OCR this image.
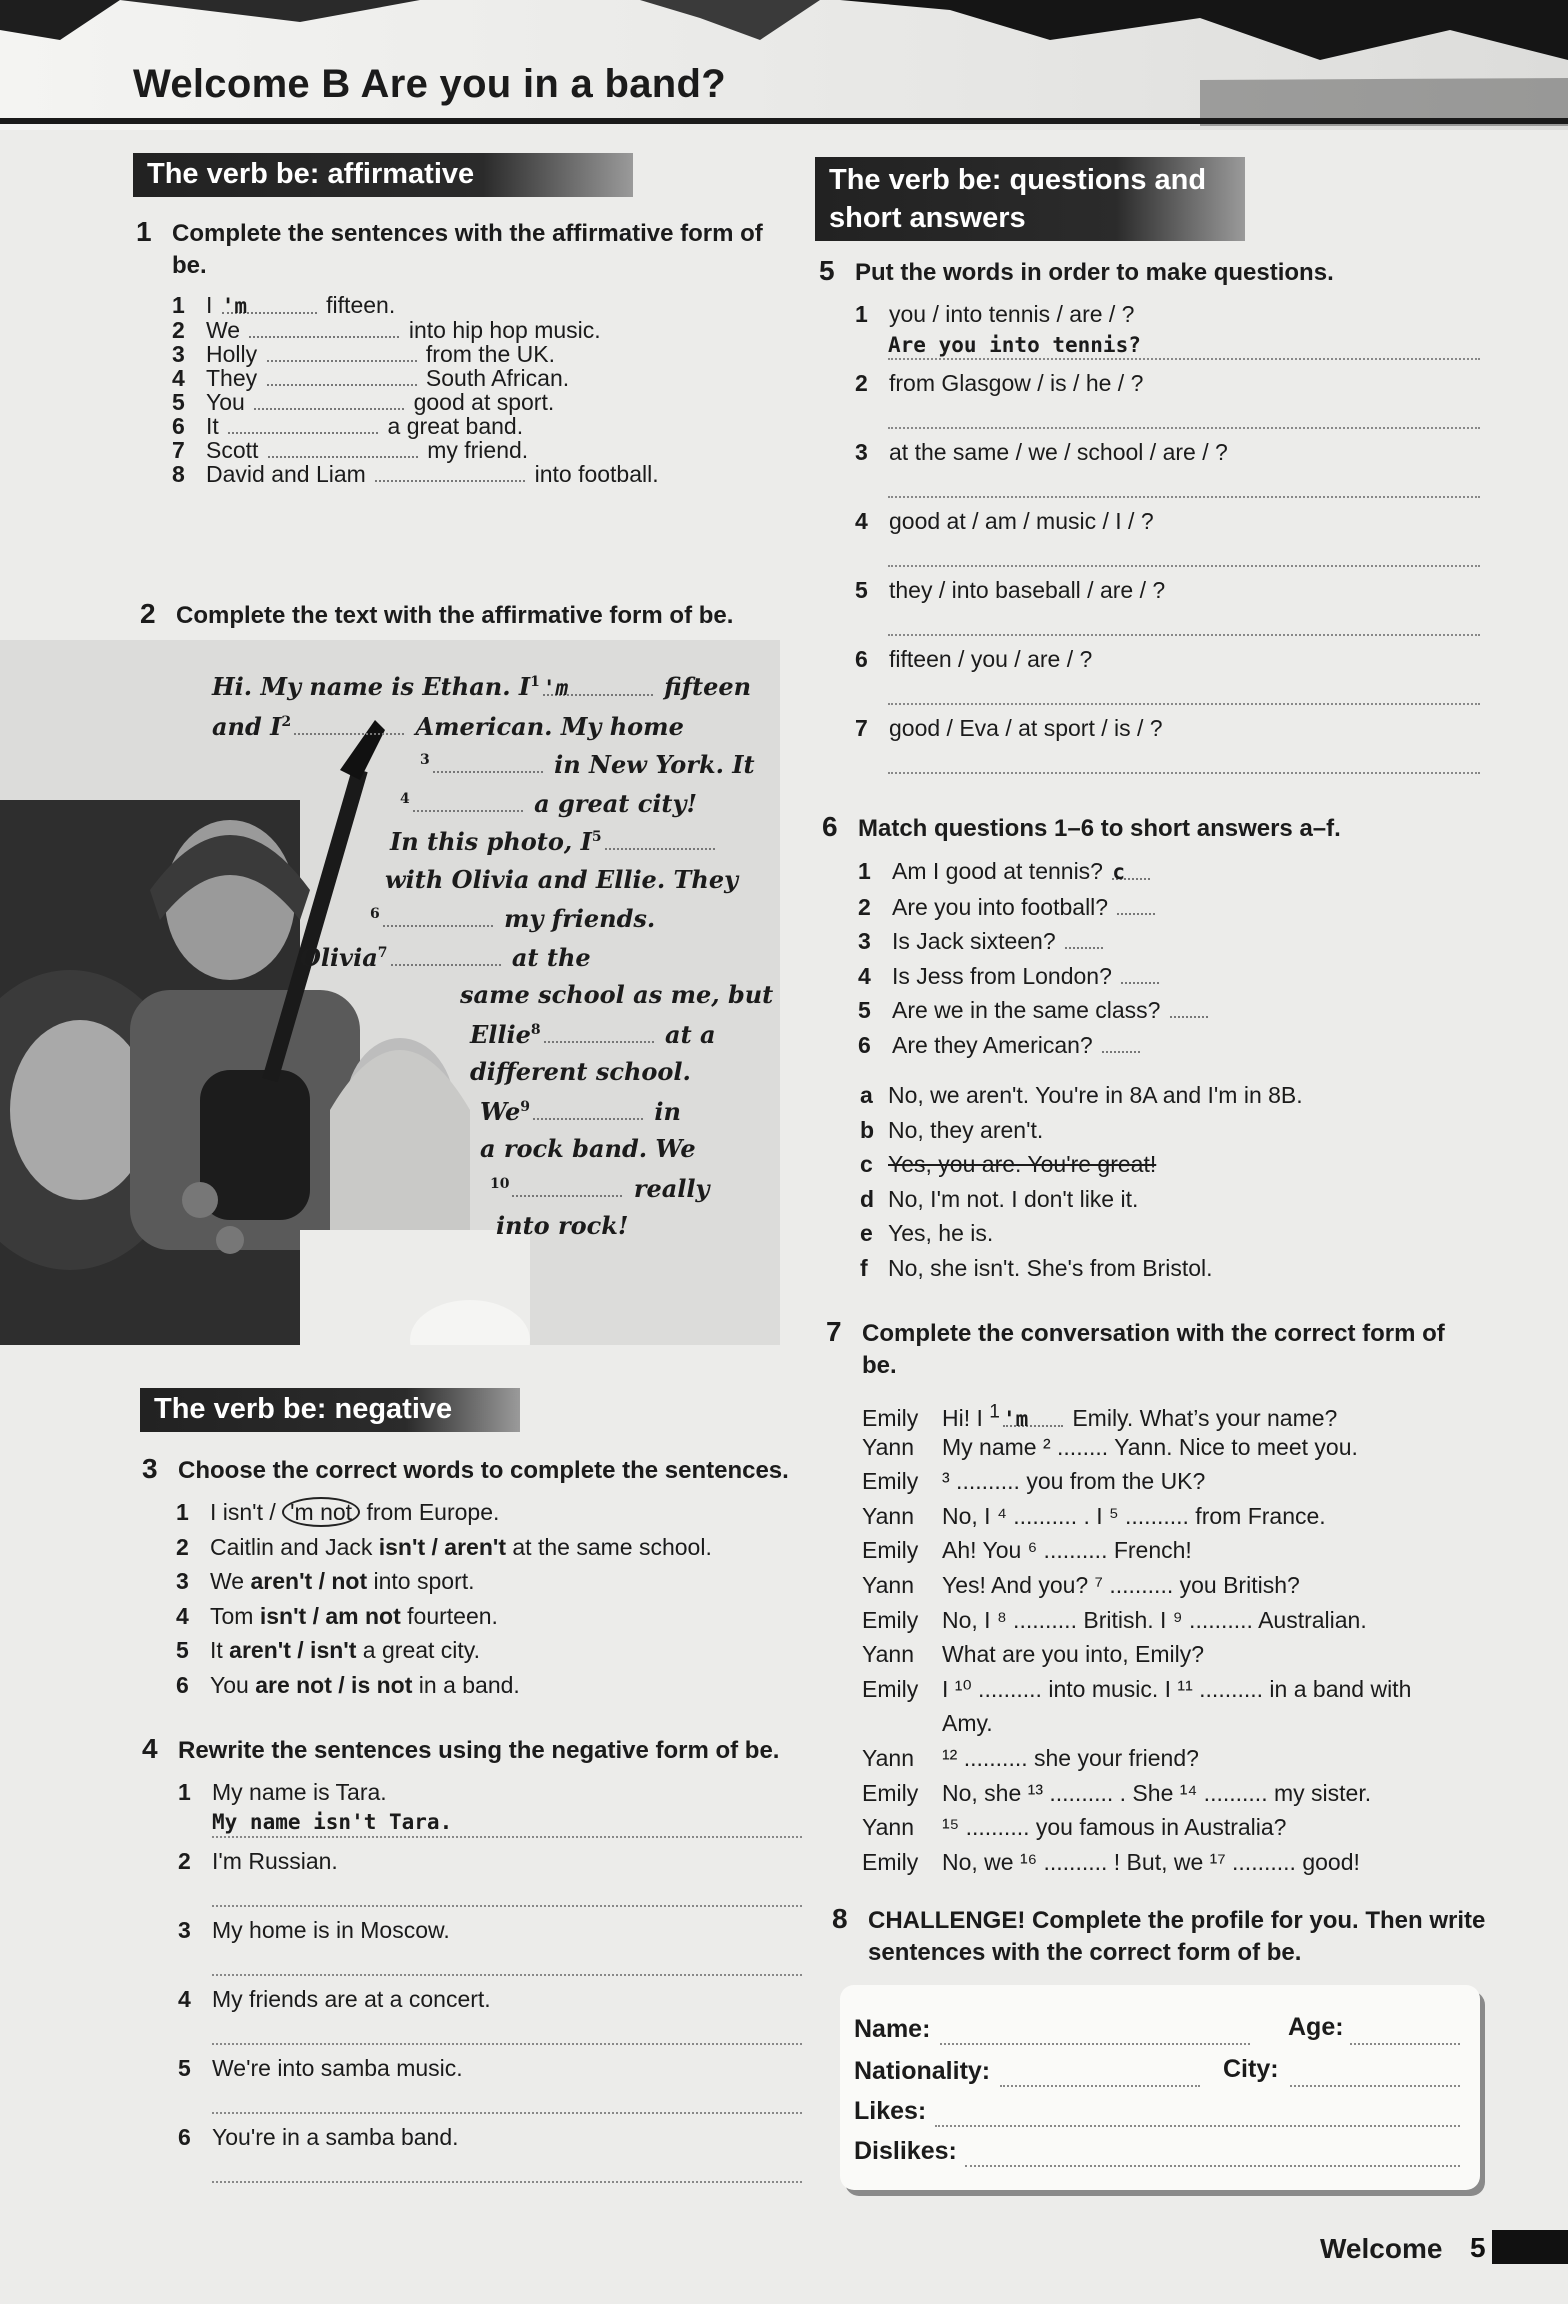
Welcome B Are you in a band?
The verb be: affirmative
1 Complete the sentences with the affirmative form of be.
2 Complete the text with the affirmative form of be.
The verb be: negative
3 Choose the correct words to complete the sentences.
4 Rewrite the sentences using the negative form of be.
The verb be: questions and
short answers
5 Put the words in order to make questions.
6 Match questions 1–6 to short answers a–f.
7 Complete the conversation with the correct form of be.
8 CHALLENGE! Complete the profile for you. Then write sentences with the correct form of be.
Name:	Age:
Nationality:	City:
Likes:
Dislikes:
Welcome 5
1 I 'm	fifteen.
2 We	into hip hop music.
3 Holly	from the UK.
4 They	South African.
5 You	good at sport.
6 It	a great band.
7 Scott	my friend.
8 David and Liam	into football.
Hi. My name is Ethan. $I^1$ 'm	fifteen
and $I^2$	American. My home
$^3$	in New York. It
$^4$	a great city!
In this photo, $I^5$
with Olivia and Ellie. They
$^6$	my friends.
Olivia$^7$	at the
same school as me, but
Ellie$^8$	at a
different school.
We$^9$	in
a rock band. We
$^{10}$	really
into rock!
1 I isn't / 'm not from Europe.
2 Caitlin and Jack isn't / aren't at the same school.
3 We aren't / not into sport.
4 Tom isn't / am not fourteen.
5 It aren't / isn't a great city.
6 You are not / is not in a band.
1 My name is Tara.
My name isn't Tara.
2 I'm Russian.
3 My home is in Moscow.
4 My friends are at a concert.
5 We're into samba music.
6 You're in a samba band.
1 you / into tennis / are / ?
Are you into tennis?
2 from Glasgow / is / he / ?
3 at the same / we / school / are / ?
4 good at / am / music / I / ?
5 they / into baseball / are / ?
6 fifteen / you / are / ?
7 good / Eva / at sport / is / ?
1 Am I good at tennis? c
2 Are you into football?
3 Is Jack sixteen?
4 Is Jess from London?
5 Are we in the same class?
6 Are they American?
a No, we aren't. You're in 8A and I'm in 8B.
b No, they aren't.
c Yes, you are. You're great!
d No, I'm not. I don't like it.
e Yes, he is.
f No, she isn't. She's from Bristol.
Emily Hi! I $^1$ 'm Emily. What’s your name?
Yann My name ² ........ Yann. Nice to meet you.
Emily ³ .......... you from the UK?
Yann No, I ⁴ .......... . I ⁵ .......... from France.
Emily Ah! You ⁶ .......... French!
Yann Yes! And you? ⁷ .......... you British?
Emily No, I ⁸ .......... British. I ⁹ .......... Australian.
Yann What are you into, Emily?
Emily I ¹⁰ .......... into music. I ¹¹ .......... in a band with
Amy.
Yann ¹² .......... she your friend?
Emily No, she ¹³ .......... . She ¹⁴ .......... my sister.
Yann ¹⁵ .......... you famous in Australia?
Emily No, we ¹⁶ .......... ! But, we ¹⁷ .......... good!
